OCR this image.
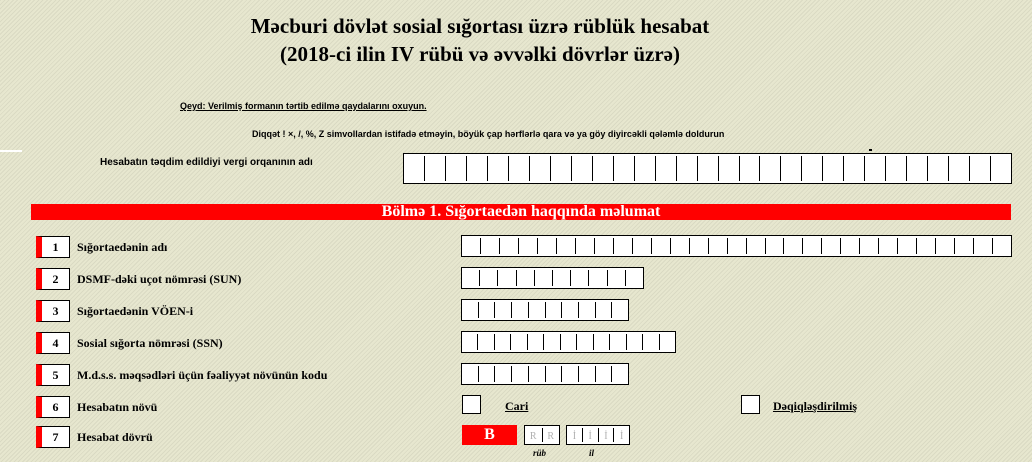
Məcburi dövlət sosial sığortası üzrə rüblük hesabat
(2018-ci ilin IV rübü və əvvəlki dövrlər üzrə)
Qeyd: Verilmiş formanın tərtib edilmə qaydalarını oxuyun.
Diqqət ! ×, /, %, Z simvollardan istifadə etməyin, böyük çap hərflərlə qara və ya göy diyircəkli qələmlə doldurun
Hesabatın təqdim edildiyi vergi orqanının adı
Bölmə 1. Sığortaedən haqqında məlumat
1	Sığortaedənin adı
2	DSMF-dəki uçot nömrəsi (SUN)
3	Sığortaedənin VÖEN-i
4	Sosial sığorta nömrəsi (SSN)
5	M.d.s.s. məqsədləri üçün fəaliyyət növünün kodu
6	Hesabatın növü	Cari	Dəqiqləşdirilmiş
7	Hesabat dövrü	B	R	R	İ	İ	İ	İ
rüb	il
